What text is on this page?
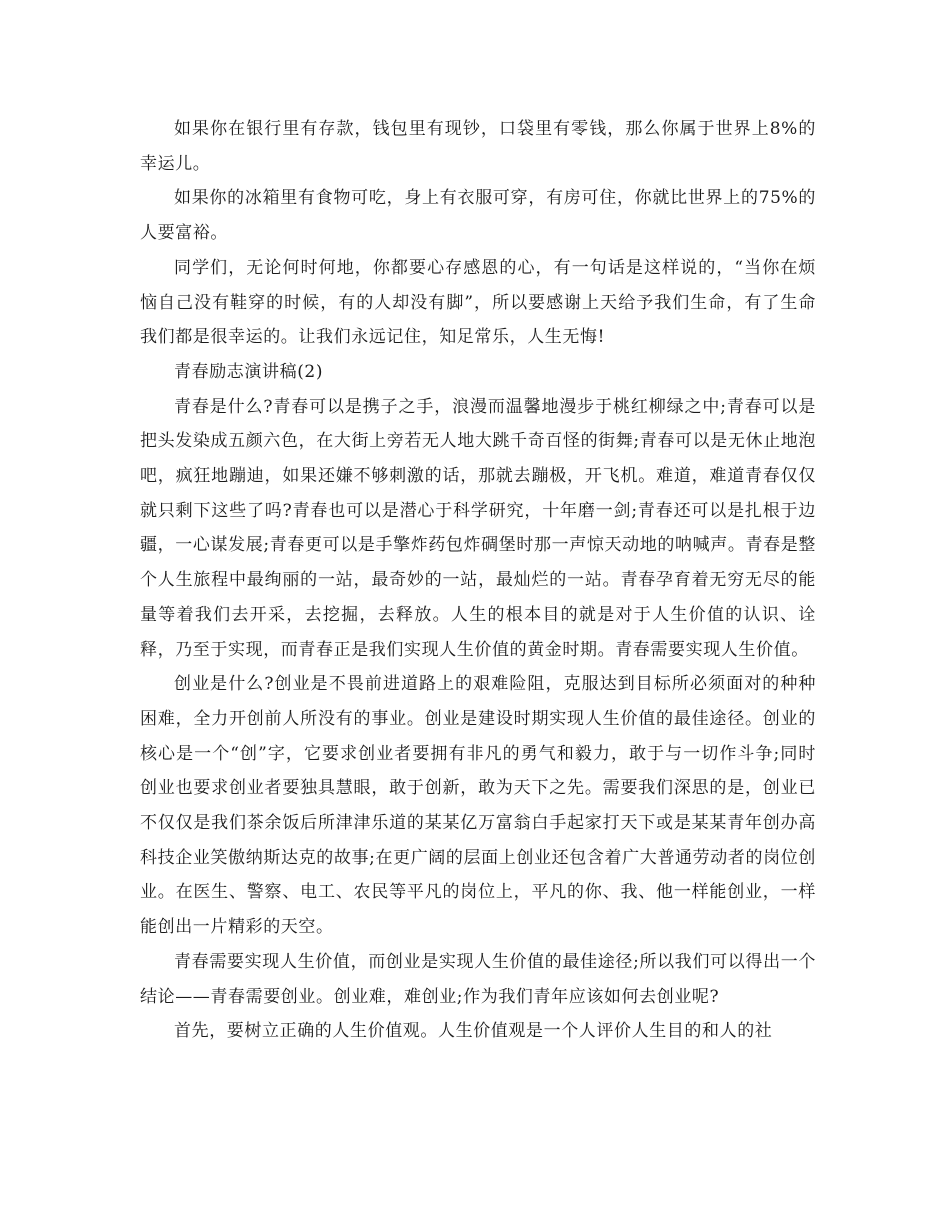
如果你在银行里有存款，钱包里有现钞，口袋里有零钱，那么你属于世界上8%的幸运儿。

如果你的冰箱里有食物可吃，身上有衣服可穿，有房可住，你就比世界上的75%的人要富裕。

同学们，无论何时何地，你都要心存感恩的心，有一句话是这样说的，“当你在烦恼自己没有鞋穿的时候，有的人却没有脚”，所以要感谢上天给予我们生命，有了生命我们都是很幸运的。让我们永远记住，知足常乐，人生无悔!

青春励志演讲稿(2)

青春是什么?青春可以是携子之手，浪漫而温馨地漫步于桃红柳绿之中;青春可以是把头发染成五颜六色，在大街上旁若无人地大跳千奇百怪的街舞;青春可以是无休止地泡吧，疯狂地蹦迪，如果还嫌不够刺激的话，那就去蹦极，开飞机。难道，难道青春仅仅就只剩下这些了吗?青春也可以是潜心于科学研究，十年磨一剑;青春还可以是扎根于边疆，一心谋发展;青春更可以是手擎炸药包炸碉堡时那一声惊天动地的呐喊声。青春是整个人生旅程中最绚丽的一站，最奇妙的一站，最灿烂的一站。青春孕育着无穷无尽的能量等着我们去开采，去挖掘，去释放。人生的根本目的就是对于人生价值的认识、诠释，乃至于实现，而青春正是我们实现人生价值的黄金时期。青春需要实现人生价值。

创业是什么?创业是不畏前进道路上的艰难险阻，克服达到目标所必须面对的种种困难，全力开创前人所没有的事业。创业是建设时期实现人生价值的最佳途径。创业的核心是一个“创”字，它要求创业者要拥有非凡的勇气和毅力，敢于与一切作斗争;同时创业也要求创业者要独具慧眼，敢于创新，敢为天下之先。需要我们深思的是，创业已不仅仅是我们茶余饭后所津津乐道的某某亿万富翁白手起家打天下或是某某青年创办高科技企业笑傲纳斯达克的故事;在更广阔的层面上创业还包含着广大普通劳动者的岗位创业。在医生、警察、电工、农民等平凡的岗位上，平凡的你、我、他一样能创业，一样能创出一片精彩的天空。

青春需要实现人生价值，而创业是实现人生价值的最佳途径;所以我们可以得出一个结论——青春需要创业。创业难，难创业;作为我们青年应该如何去创业呢?

首先，要树立正确的人生价值观。人生价值观是一个人评价人生目的和人的社
